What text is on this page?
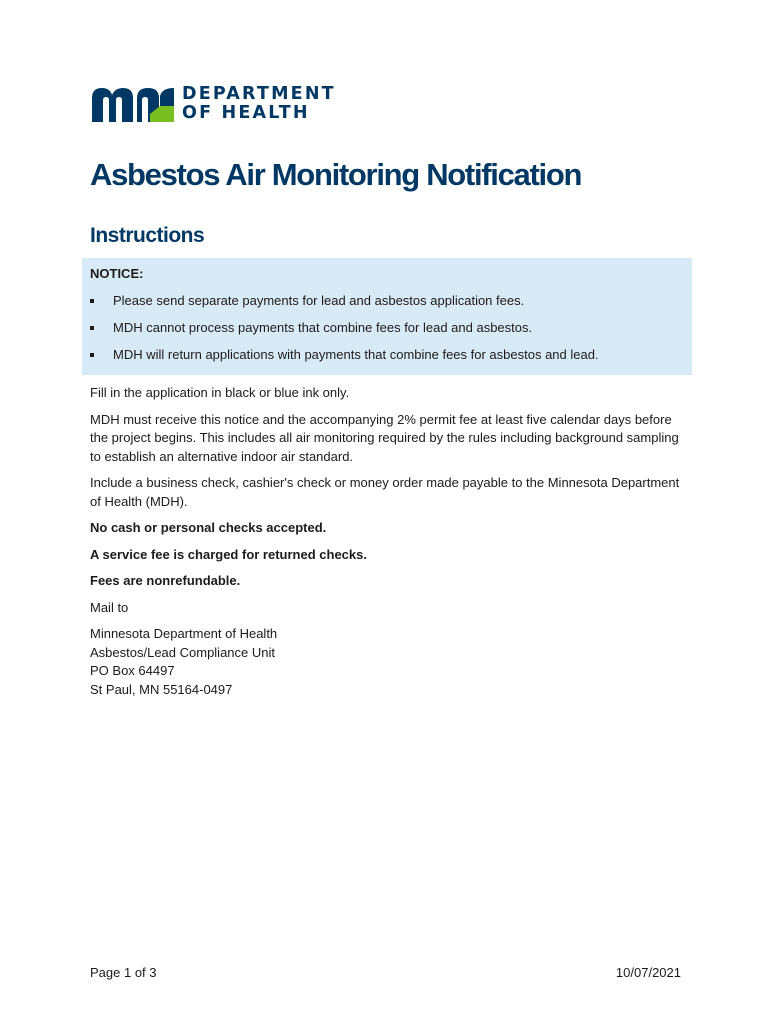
DEPARTMENT
OF HEALTH
Asbestos Air Monitoring Notification
Instructions
NOTICE:
Please send separate payments for lead and asbestos application fees.
MDH cannot process payments that combine fees for lead and asbestos.
MDH will return applications with payments that combine fees for asbestos and lead.

Fill in the application in black or blue ink only.

MDH must receive this notice and the accompanying 2% permit fee at least five calendar days before the project begins. This includes all air monitoring required by the rules including background sampling to establish an alternative indoor air standard.

Include a business check, cashier's check or money order made payable to the Minnesota Department of Health (MDH).

No cash or personal checks accepted.

A service fee is charged for returned checks.

Fees are nonrefundable.

Mail to

Minnesota Department of Health
Asbestos/Lead Compliance Unit
PO Box 64497
St Paul, MN 55164-0497
Page 1 of 3	10/07/2021
